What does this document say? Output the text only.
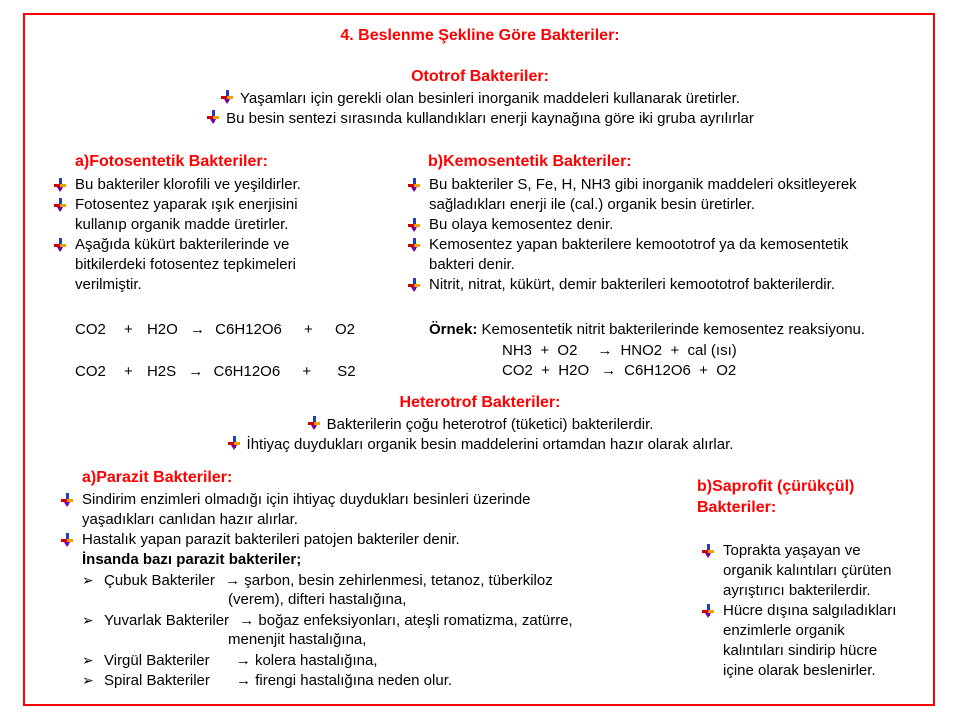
4. Beslenme Şekline Göre Bakteriler:
Ototrof Bakteriler:
Yaşamları için gerekli olan besinleri inorganik maddeleri kullanarak üretirler.
Bu besin sentezi sırasında kullandıkları enerji kaynağına göre iki gruba ayrılırlar
a)Fotosentetik Bakteriler:
Bu bakteriler klorofili ve yeşildirler.
Fotosentez yaparak ışık enerjisini
kullanıp organik madde üretirler.
Aşağıda kükürt bakterilerinde ve
bitkilerdeki fotosentez tepkimeleri
verilmiştir.
CO2 + H2O → C6H12O6 + O2
CO2 + H2S → C6H12O6 + S2
b)Kemosentetik Bakteriler:
Bu bakteriler S, Fe, H, NH3 gibi inorganik maddeleri oksitleyerek
sağladıkları enerji ile (cal.) organik besin üretirler.
Bu olaya kemosentez denir.
Kemosentez yapan bakterilere kemoototrof ya da kemosentetik
bakteri denir.
Nitrit, nitrat, kükürt, demir bakterileri kemoototrof bakterilerdir.
Örnek: Kemosentetik nitrit bakterilerinde kemosentez reaksiyonu.
NH3  +  O2 → HNO2  +  cal (ısı)
CO2  +  H2O → C6H12O6  +  O2
Heterotrof Bakteriler:
Bakterilerin çoğu heterotrof (tüketici) bakterilerdir.
İhtiyaç duydukları organik besin maddelerini ortamdan hazır olarak alırlar.
a)Parazit Bakteriler:
Sindirim enzimleri olmadığı için ihtiyaç duydukları besinleri üzerinde
yaşadıkları canlıdan hazır alırlar.
Hastalık yapan parazit bakterileri patojen bakteriler denir.
İnsanda bazı parazit bakteriler;
➢ Çubuk Bakteriler → şarbon, besin zehirlenmesi, tetanoz, tüberkiloz
(verem), difteri hastalığına,
➢ Yuvarlak Bakteriler → boğaz enfeksiyonları, ateşli romatizma, zatürre,
menenjit hastalığına,
➢ Virgül Bakteriler → kolera hastalığına,
➢ Spiral Bakteriler → firengi hastalığına neden olur.
b)Saprofit (çürükçül)
Bakteriler:
Toprakta yaşayan ve
organik kalıntıları çürüten
ayrıştırıcı bakterilerdir.
Hücre dışına salgıladıkları
enzimlerle organik
kalıntıları sindirip hücre
içine olarak beslenirler.
